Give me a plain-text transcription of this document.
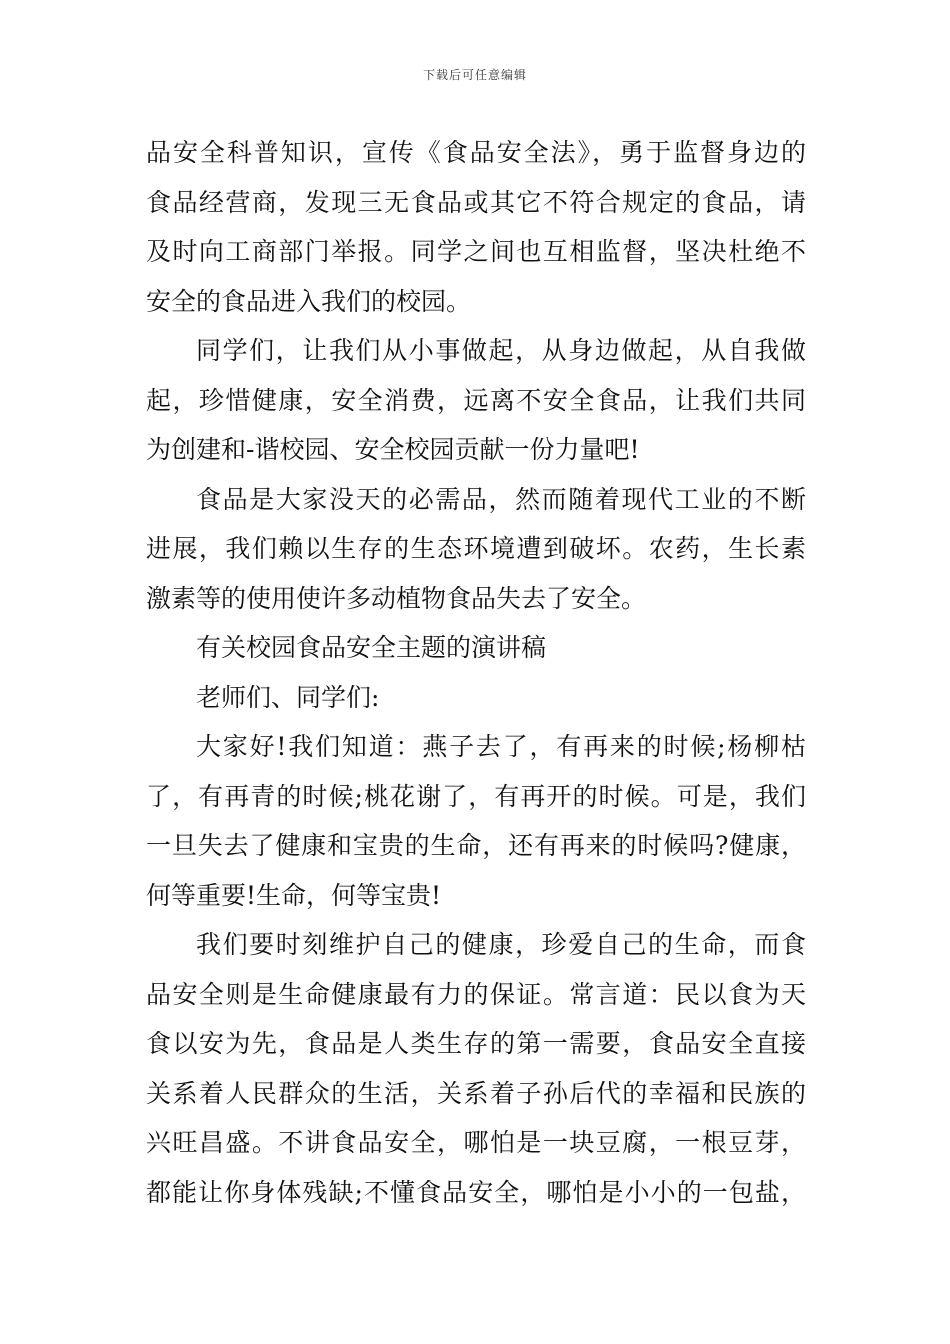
下载后可任意编辑
品安全科普知识，宣传《食品安全法》，勇于监督身边的
食品经营商，发现三无食品或其它不符合规定的食品，请
及时向工商部门举报。同学之间也互相监督，坚决杜绝不
安全的食品进入我们的校园。
同学们，让我们从小事做起，从身边做起，从自我做
起，珍惜健康，安全消费，远离不安全食品，让我们共同
为创建和-谐校园、安全校园贡献一份力量吧!
食品是大家没天的必需品，然而随着现代工业的不断
进展，我们赖以生存的生态环境遭到破坏。农药，生长素
激素等的使用使许多动植物食品失去了安全。
有关校园食品安全主题的演讲稿
老师们、同学们:
大家好!我们知道：燕子去了，有再来的时候;杨柳枯
了，有再青的时候;桃花谢了，有再开的时候。可是，我们
一旦失去了健康和宝贵的生命，还有再来的时候吗?健康，
何等重要!生命，何等宝贵!
我们要时刻维护自己的健康，珍爱自己的生命，而食
品安全则是生命健康最有力的保证。常言道：民以食为天
食以安为先，食品是人类生存的第一需要，食品安全直接
关系着人民群众的生活，关系着子孙后代的幸福和民族的
兴旺昌盛。不讲食品安全，哪怕是一块豆腐，一根豆芽，
都能让你身体残缺;不懂食品安全，哪怕是小小的一包盐，
